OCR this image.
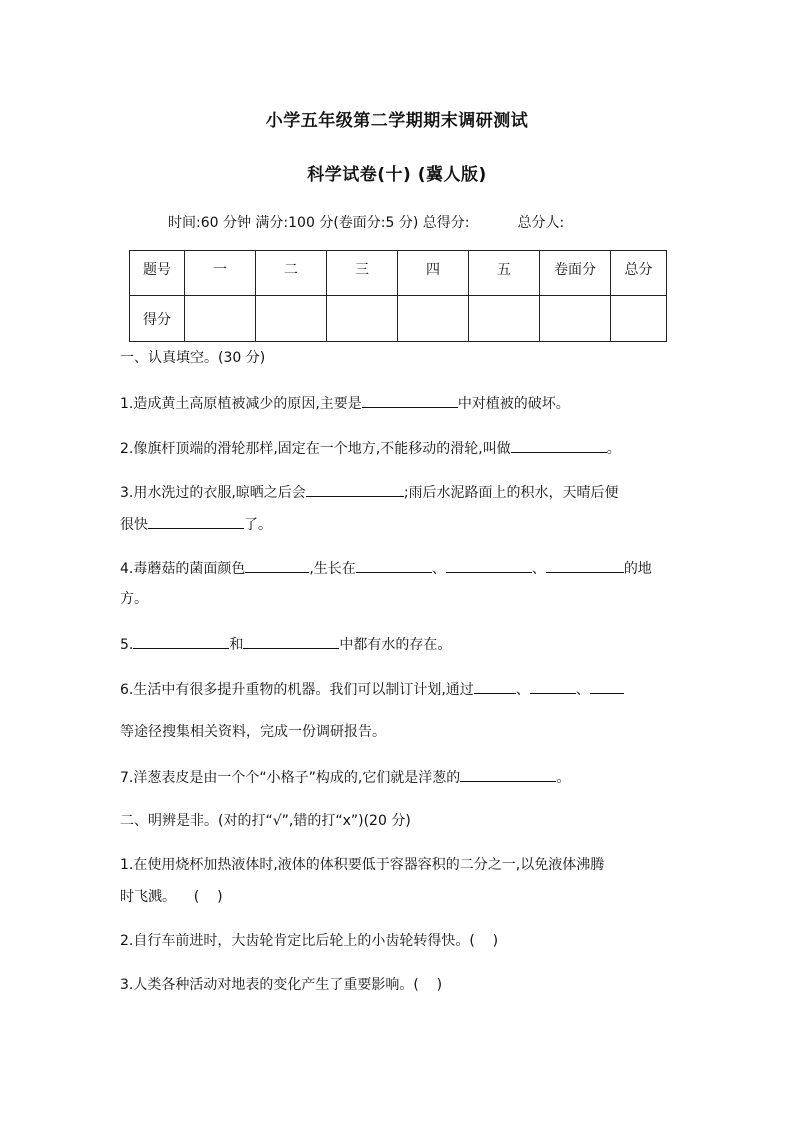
小学五年级第二学期期末调研测试
科学试卷(十) (冀人版)
时间:60 分钟 满分:100 分(卷面分:5 分) 总得分:	总分人:
题号	一	二	三	四	五	卷面分	总分
得分							
一、认真填空。(30 分)
1.造成黄土高原植被减少的原因,主要是	中对植被的破坏。
2.像旗杆顶端的滑轮那样,固定在一个地方,不能移动的滑轮,叫做	。
3.用水洗过的衣服,晾晒之后会	;雨后水泥路面上的积水，天晴后便
很快	了。
4.毒蘑菇的菌面颜色	,生长在	、	、	的地
方。
5.	和	中都有水的存在。
6.生活中有很多提升重物的机器。我们可以制订计划,通过	、	、
等途径搜集相关资料，完成一份调研报告。
7.洋葱表皮是由一个个“小格子”构成的,它们就是洋葱的	。
二、明辨是非。(对的打“√”,错的打“x”)(20 分)
1.在使用烧杯加热液体时,液体的体积要低于容器容积的二分之一,以免液体沸腾
时飞溅。    (    )
2.自行车前进时，大齿轮肯定比后轮上的小齿轮转得快。(    )
3.人类各种活动对地表的变化产生了重要影响。(    )
